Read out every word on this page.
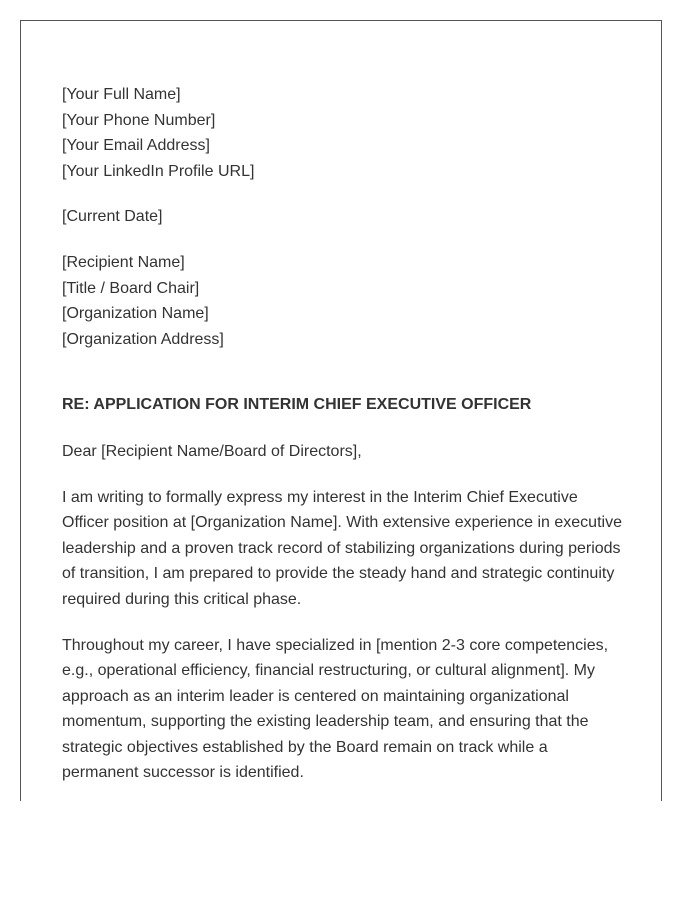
[Your Full Name]
[Your Phone Number]
[Your Email Address]
[Your LinkedIn Profile URL]
[Current Date]
[Recipient Name]
[Title / Board Chair]
[Organization Name]
[Organization Address]
RE: APPLICATION FOR INTERIM CHIEF EXECUTIVE OFFICER
Dear [Recipient Name/Board of Directors],
I am writing to formally express my interest in the Interim Chief Executive
Officer position at [Organization Name]. With extensive experience in executive
leadership and a proven track record of stabilizing organizations during periods
of transition, I am prepared to provide the steady hand and strategic continuity
required during this critical phase.
Throughout my career, I have specialized in [mention 2-3 core competencies,
e.g., operational efficiency, financial restructuring, or cultural alignment]. My
approach as an interim leader is centered on maintaining organizational
momentum, supporting the existing leadership team, and ensuring that the
strategic objectives established by the Board remain on track while a
permanent successor is identified.
